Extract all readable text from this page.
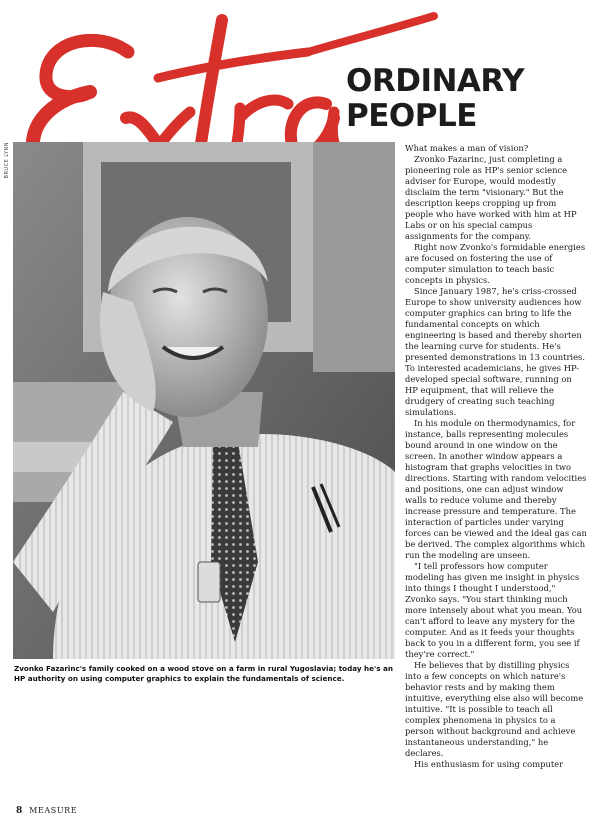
ORDINARY
PEOPLE
BRUCE LYNN
Zvonko Fazarinc's family cooked on a wood stove on a farm in rural Yugoslavia; today he's an HP authority on using computer graphics to explain the fundamentals of science.

What makes a man of vision?

Zvonko Fazarinc, just completing a pioneering role as HP's senior science adviser for Europe, would modestly disclaim the term "visionary." But the description keeps cropping up from people who have worked with him at HP Labs or on his special campus assignments for the company.

Right now Zvonko's formidable energies are focused on fostering the use of computer simulation to teach basic concepts in physics.

Since January 1987, he's criss-crossed Europe to show university audiences how computer graphics can bring to life the fundamental concepts on which engineering is based and thereby shorten the learning curve for students. He's presented demonstrations in 13 countries. To interested academicians, he gives HP-developed special software, running on HP equipment, that will relieve the drudgery of creating such teaching simulations.

In his module on thermodynamics, for instance, balls representing molecules bound around in one window on the screen. In another window appears a histogram that graphs velocities in two directions. Starting with random velocities and positions, one can adjust window walls to reduce volume and thereby increase pressure and temperature. The interaction of particles under varying forces can be viewed and the ideal gas can be derived. The complex algorithms which run the modeling are unseen.

"I tell professors how computer modeling has given me insight in physics into things I thought I understood," Zvonko says. "You start thinking much more intensely about what you mean. You can't afford to leave any mystery for the computer. And as it feeds your thoughts back to you in a different form, you see if they're correct."

He believes that by distilling physics into a few concepts on which nature's behavior rests and by making them intuitive, everything else also will become intuitive. "It is possible to teach all complex phenomena in physics to a person without background and achieve instantaneous understanding," he declares.

His enthusiasm for using computer

8 MEASURE
